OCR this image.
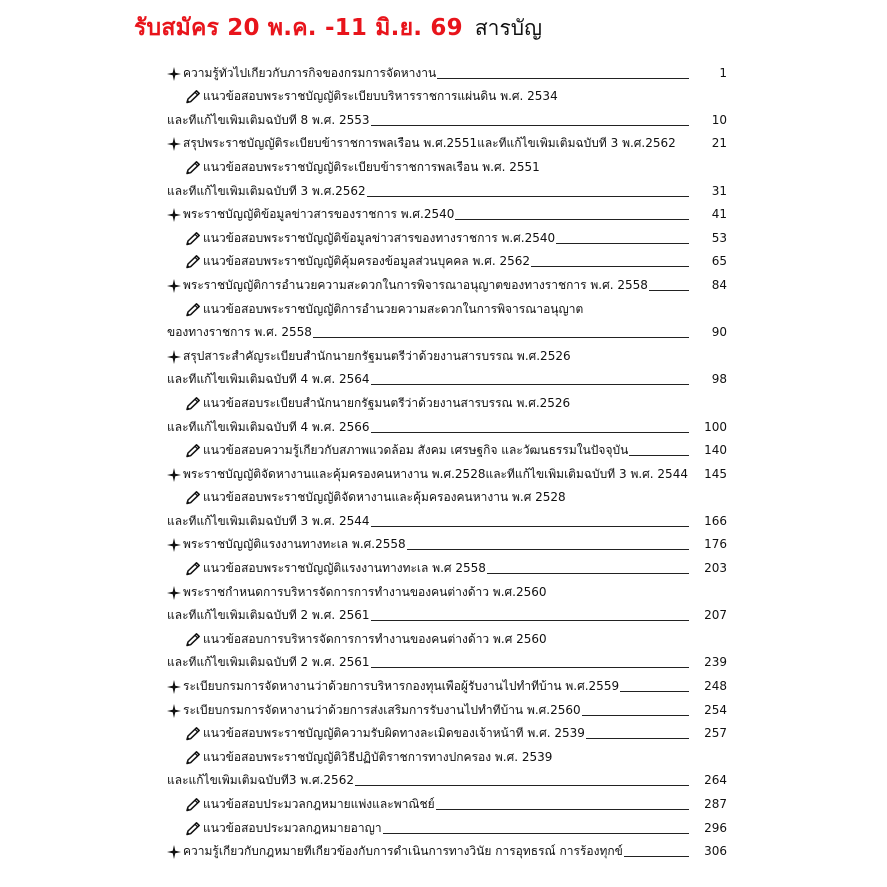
รับสมัคร 20 พ.ค. -11 มิ.ย. 69 สารบัญ
ความรู้ทั่วไปเกี่ยวกับภารกิจของกรมการจัดหางาน	1
แนวข้อสอบพระราชบัญญัติระเบียบบริหารราชการแผ่นดิน พ.ศ. 2534
และที่แก้ไขเพิ่มเติมฉบับที่ 8 พ.ศ. 2553	10
สรุปพระราชบัญญัติระเบียบข้าราชการพลเรือน พ.ศ.2551และที่แก้ไขเพิ่มเติมฉบับที่ 3 พ.ศ.2562	21
แนวข้อสอบพระราชบัญญัติระเบียบข้าราชการพลเรือน พ.ศ. 2551
และที่แก้ไขเพิ่มเติมฉบับที่ 3 พ.ศ.2562	31
พระราชบัญญัติข้อมูลข่าวสารของราชการ พ.ศ.2540	41
แนวข้อสอบพระราชบัญญัติข้อมูลข่าวสารของทางราชการ พ.ศ.2540	53
แนวข้อสอบพระราชบัญญัติคุ้มครองข้อมูลส่วนบุคคล พ.ศ. 2562	65
พระราชบัญญัติการอำนวยความสะดวกในการพิจารณาอนุญาตของทางราชการ พ.ศ. 2558	84
แนวข้อสอบพระราชบัญญัติการอำนวยความสะดวกในการพิจารณาอนุญาต
ของทางราชการ พ.ศ. 2558	90
สรุปสาระสำคัญระเบียบสำนักนายกรัฐมนตรีว่าด้วยงานสารบรรณ พ.ศ.2526
และที่แก้ไขเพิ่มเติมฉบับที่ 4 พ.ศ. 2564	98
แนวข้อสอบระเบียบสำนักนายกรัฐมนตรีว่าด้วยงานสารบรรณ พ.ศ.2526
และที่แก้ไขเพิ่มเติมฉบับที่ 4 พ.ศ. 2566	100
แนวข้อสอบความรู้เกี่ยวกับสภาพแวดล้อม สังคม เศรษฐกิจ และวัฒนธรรมในปัจจุบัน	140
พระราชบัญญัติจัดหางานและคุ้มครองคนหางาน พ.ศ.2528และที่แก้ไขเพิ่มเติมฉบับที่ 3 พ.ศ. 2544	145
แนวข้อสอบพระราชบัญญัติจัดหางานและคุ้มครองคนหางาน พ.ศ 2528
และที่แก้ไขเพิ่มเติมฉบับที่ 3 พ.ศ. 2544	166
พระราชบัญญัติแรงงานทางทะเล พ.ศ.2558	176
แนวข้อสอบพระราชบัญญัติแรงงานทางทะเล พ.ศ 2558	203
พระราชกำหนดการบริหารจัดการการทำงานของคนต่างด้าว พ.ศ.2560
และที่แก้ไขเพิ่มเติมฉบับที่ 2 พ.ศ. 2561	207
แนวข้อสอบการบริหารจัดการการทำงานของคนต่างด้าว พ.ศ 2560
และที่แก้ไขเพิ่มเติมฉบับที่ 2 พ.ศ. 2561	239
ระเบียบกรมการจัดหางานว่าด้วยการบริหารกองทุนเพื่อผู้รับงานไปทำที่บ้าน พ.ศ.2559	248
ระเบียบกรมการจัดหางานว่าด้วยการส่งเสริมการรับงานไปทำที่บ้าน พ.ศ.2560	254
แนวข้อสอบพระราชบัญญัติความรับผิดทางละเมิดของเจ้าหน้าที่ พ.ศ. 2539	257
แนวข้อสอบพระราชบัญญัติวิธีปฏิบัติราชการทางปกครอง พ.ศ. 2539
และแก้ไขเพิ่มเติมฉบับที่3 พ.ศ.2562	264
แนวข้อสอบประมวลกฎหมายแพ่งและพาณิชย์	287
แนวข้อสอบประมวลกฎหมายอาญา	296
ความรู้เกี่ยวกับกฎหมายที่เกี่ยวข้องกับการดำเนินการทางวินัย การอุทธรณ์ การร้องทุกข์	306
